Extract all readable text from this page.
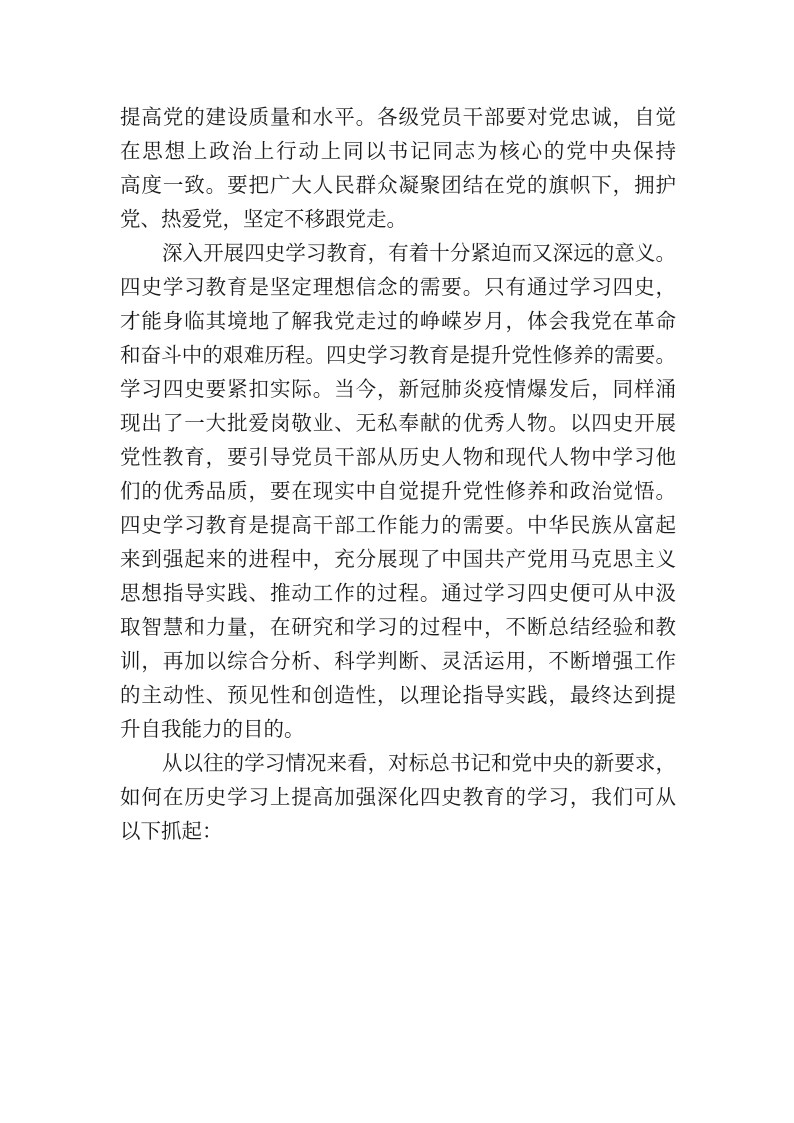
提高党的建设质量和水平。各级党员干部要对党忠诚，自觉
在思想上政治上行动上同以书记同志为核心的党中央保持
高度一致。要把广大人民群众凝聚团结在党的旗帜下，拥护
党、热爱党，坚定不移跟党走。
深入开展四史学习教育，有着十分紧迫而又深远的意义。
四史学习教育是坚定理想信念的需要。只有通过学习四史，
才能身临其境地了解我党走过的峥嵘岁月，体会我党在革命
和奋斗中的艰难历程。四史学习教育是提升党性修养的需要。
学习四史要紧扣实际。当今，新冠肺炎疫情爆发后，同样涌
现出了一大批爱岗敬业、无私奉献的优秀人物。以四史开展
党性教育，要引导党员干部从历史人物和现代人物中学习他
们的优秀品质，要在现实中自觉提升党性修养和政治觉悟。
四史学习教育是提高干部工作能力的需要。中华民族从富起
来到强起来的进程中，充分展现了中国共产党用马克思主义
思想指导实践、推动工作的过程。通过学习四史便可从中汲
取智慧和力量，在研究和学习的过程中，不断总结经验和教
训，再加以综合分析、科学判断、灵活运用，不断增强工作
的主动性、预见性和创造性，以理论指导实践，最终达到提
升自我能力的目的。
从以往的学习情况来看，对标总书记和党中央的新要求，
如何在历史学习上提高加强深化四史教育的学习，我们可从
以下抓起：
